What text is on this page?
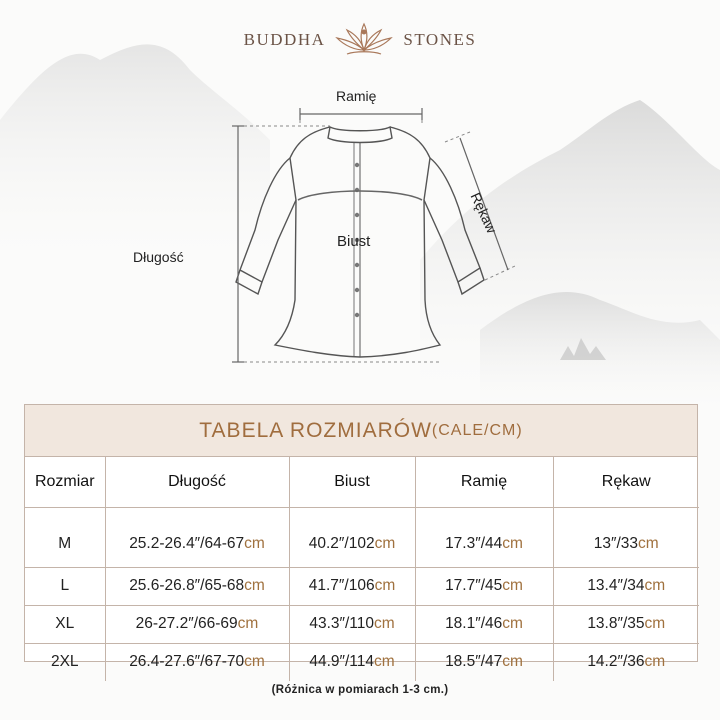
BUDDHA	STONES
Ramię
Biust
Długość
Rękaw
TABELA ROZMIARÓW (CALE/CM)
Rozmiar	Długość	Biust	Ramię	Rękaw
M	25.2-26.4″/64-67cm	40.2″/102cm	17.3″/44cm	13″/33cm
L	25.6-26.8″/65-68cm	41.7″/106cm	17.7″/45cm	13.4″/34cm
XL	26-27.2″/66-69cm	43.3″/110cm	18.1″/46cm	13.8″/35cm
2XL	26.4-27.6″/67-70cm	44.9″/114cm	18.5″/47cm	14.2″/36cm
(Różnica w pomiarach 1-3 cm.)
